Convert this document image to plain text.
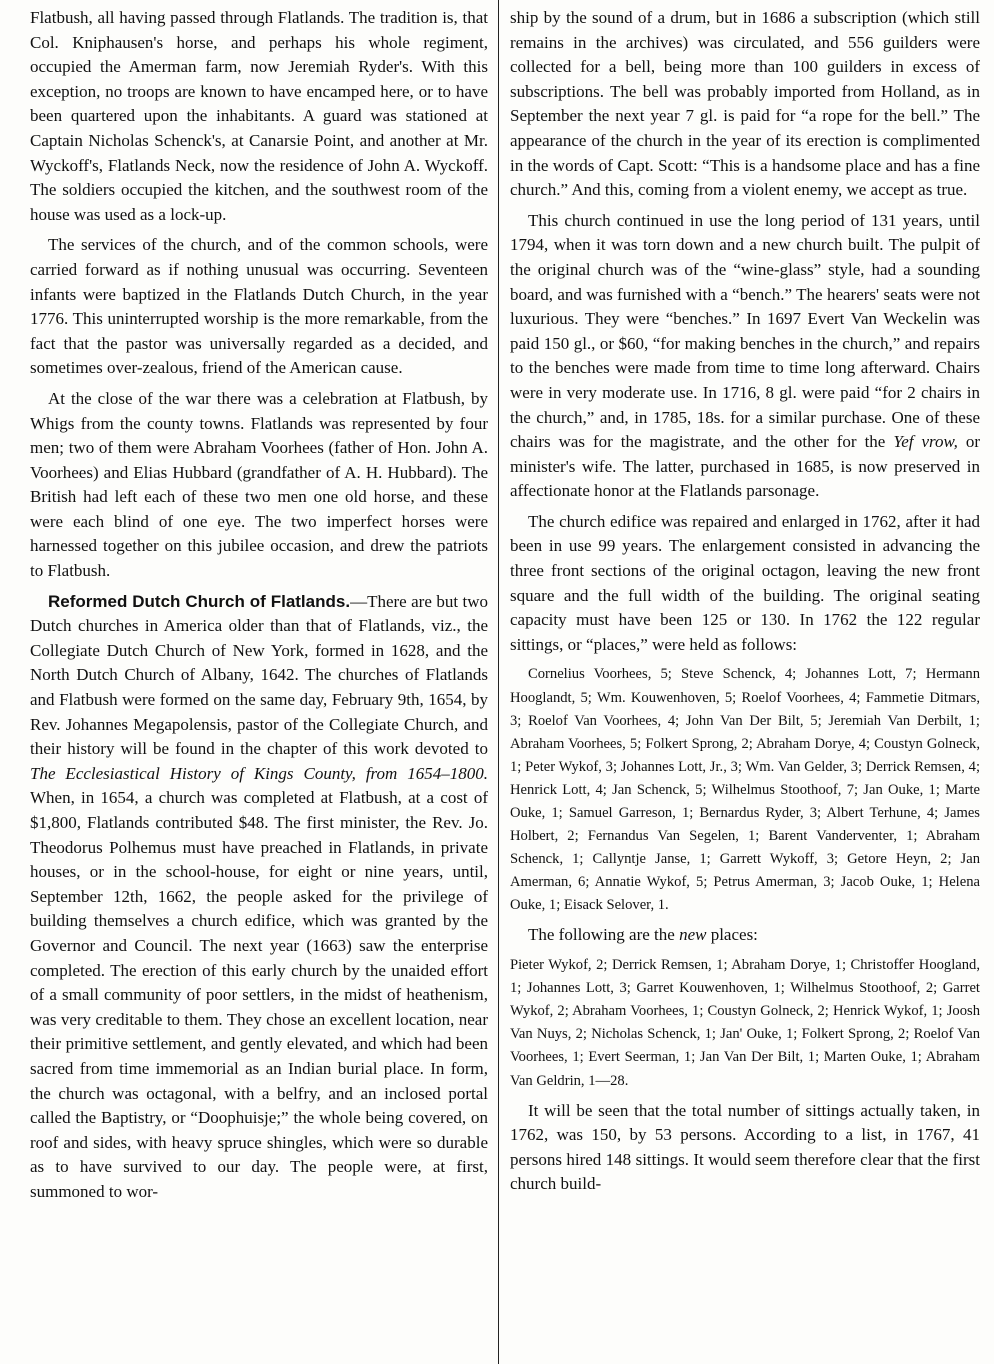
Flatbush, all having passed through Flatlands. The tradition is, that Col. Kniphausen's horse, and perhaps his whole regiment, occupied the Amerman farm, now Jeremiah Ryder's. With this exception, no troops are known to have encamped here, or to have been quartered upon the inhabitants. A guard was stationed at Captain Nicholas Schenck's, at Canarsie Point, and another at Mr. Wyckoff's, Flatlands Neck, now the residence of John A. Wyckoff. The soldiers occupied the kitchen, and the southwest room of the house was used as a lock-up.

The services of the church, and of the common schools, were carried forward as if nothing unusual was occurring. Seventeen infants were baptized in the Flatlands Dutch Church, in the year 1776. This uninterrupted worship is the more remarkable, from the fact that the pastor was universally regarded as a decided, and sometimes over-zealous, friend of the American cause.

At the close of the war there was a celebration at Flatbush, by Whigs from the county towns. Flatlands was represented by four men; two of them were Abraham Voorhees (father of Hon. John A. Voorhees) and Elias Hubbard (grandfather of A. H. Hubbard). The British had left each of these two men one old horse, and these were each blind of one eye. The two imperfect horses were harnessed together on this jubilee occasion, and drew the patriots to Flatbush.

Reformed Dutch Church of Flatlands.—There are but two Dutch churches in America older than that of Flatlands, viz., the Collegiate Dutch Church of New York, formed in 1628, and the North Dutch Church of Albany, 1642. The churches of Flatlands and Flatbush were formed on the same day, February 9th, 1654, by Rev. Johannes Megapolensis, pastor of the Collegiate Church, and their history will be found in the chapter of this work devoted to The Ecclesiastical History of Kings County, from 1654–1800. When, in 1654, a church was completed at Flatbush, at a cost of $1,800, Flatlands contributed $48. The first minister, the Rev. Jo. Theodorus Polhemus must have preached in Flatlands, in private houses, or in the school-house, for eight or nine years, until, September 12th, 1662, the people asked for the privilege of building themselves a church edifice, which was granted by the Governor and Council. The next year (1663) saw the enterprise completed. The erection of this early church by the unaided effort of a small community of poor settlers, in the midst of heathenism, was very creditable to them. They chose an excellent location, near their primitive settlement, and gently elevated, and which had been sacred from time immemorial as an Indian burial place. In form, the church was octagonal, with a belfry, and an inclosed portal called the Baptistry, or “Doophuisje;” the whole being covered, on roof and sides, with heavy spruce shingles, which were so durable as to have survived to our day. The people were, at first, summoned to wor-

ship by the sound of a drum, but in 1686 a subscription (which still remains in the archives) was circulated, and 556 guilders were collected for a bell, being more than 100 guilders in excess of subscriptions. The bell was probably imported from Holland, as in September the next year 7 gl. is paid for “a rope for the bell.” The appearance of the church in the year of its erection is complimented in the words of Capt. Scott: “This is a handsome place and has a fine church.” And this, coming from a violent enemy, we accept as true.

This church continued in use the long period of 131 years, until 1794, when it was torn down and a new church built. The pulpit of the original church was of the “wine-glass” style, had a sounding board, and was furnished with a “bench.” The hearers' seats were not luxurious. They were “benches.” In 1697 Evert Van Weckelin was paid 150 gl., or $60, “for making benches in the church,” and repairs to the benches were made from time to time long afterward. Chairs were in very moderate use. In 1716, 8 gl. were paid “for 2 chairs in the church,” and, in 1785, 18s. for a similar purchase. One of these chairs was for the magistrate, and the other for the Yef vrow, or minister's wife. The latter, purchased in 1685, is now preserved in affectionate honor at the Flatlands parsonage.

The church edifice was repaired and enlarged in 1762, after it had been in use 99 years. The enlargement consisted in advancing the three front sections of the original octagon, leaving the new front square and the full width of the building. The original seating capacity must have been 125 or 130. In 1762 the 122 regular sittings, or “places,” were held as follows:

Cornelius Voorhees, 5; Steve Schenck, 4; Johannes Lott, 7; Hermann Hooglandt, 5; Wm. Kouwenhoven, 5; Roelof Voorhees, 4; Fammetie Ditmars, 3; Roelof Van Voorhees, 4; John Van Der Bilt, 5; Jeremiah Van Derbilt, 1; Abraham Voorhees, 5; Folkert Sprong, 2; Abraham Dorye, 4; Coustyn Golneck, 1; Peter Wykof, 3; Johannes Lott, Jr., 3; Wm. Van Gelder, 3; Derrick Remsen, 4; Henrick Lott, 4; Jan Schenck, 5; Wilhelmus Stoothoof, 7; Jan Ouke, 1; Marte Ouke, 1; Samuel Garreson, 1; Bernardus Ryder, 3; Albert Terhune, 4; James Holbert, 2; Fernandus Van Segelen, 1; Barent Vanderventer, 1; Abraham Schenck, 1; Callyntje Janse, 1; Garrett Wykoff, 3; Getore Heyn, 2; Jan Amerman, 6; Annatie Wykof, 5; Petrus Amerman, 3; Jacob Ouke, 1; Helena Ouke, 1; Eisack Selover, 1.

The following are the new places:

Pieter Wykof, 2; Derrick Remsen, 1; Abraham Dorye, 1; Christoffer Hoogland, 1; Johannes Lott, 3; Garret Kouwenhoven, 1; Wilhelmus Stoothoof, 2; Garret Wykof, 2; Abraham Voorhees, 1; Coustyn Golneck, 2; Henrick Wykof, 1; Joosh Van Nuys, 2; Nicholas Schenck, 1; Jan' Ouke, 1; Folkert Sprong, 2; Roelof Van Voorhees, 1; Evert Seerman, 1; Jan Van Der Bilt, 1; Marten Ouke, 1; Abraham Van Geldrin, 1—28.

It will be seen that the total number of sittings actually taken, in 1762, was 150, by 53 persons. According to a list, in 1767, 41 persons hired 148 sittings. It would seem therefore clear that the first church build-
